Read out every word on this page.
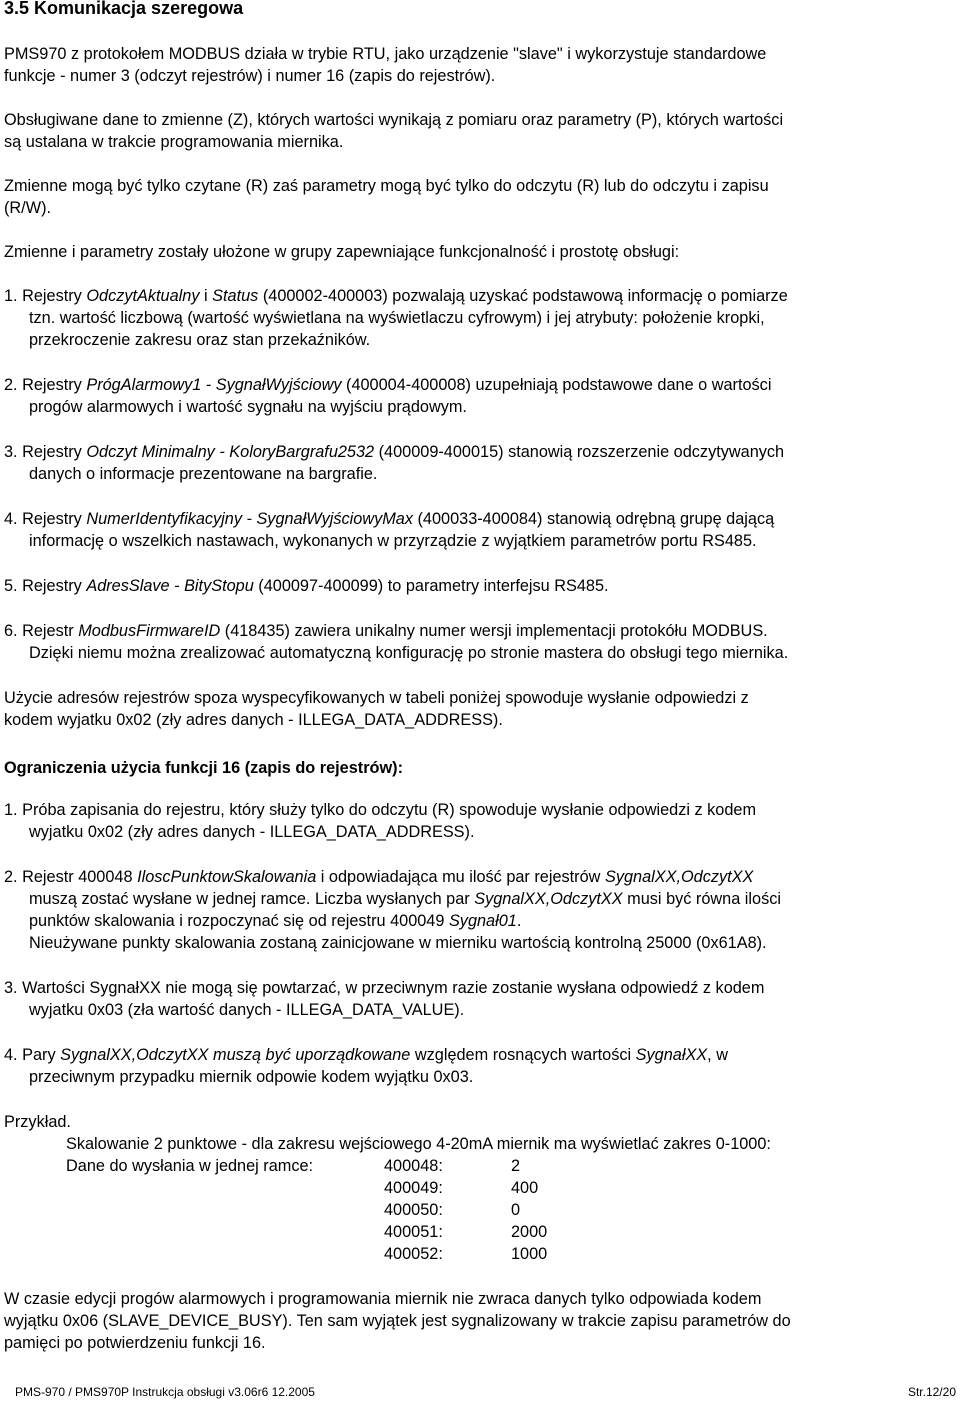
3.5 Komunikacja szeregowa
PMS970 z protokołem MODBUS działa w trybie RTU, jako urządzenie "slave" i wykorzystuje standardowe
funkcje - numer 3 (odczyt rejestrów) i numer 16 (zapis do rejestrów).
Obsługiwane dane to zmienne (Z), których wartości wynikają z pomiaru oraz parametry (P), których wartości
są ustalana w trakcie programowania miernika.
Zmienne mogą być tylko czytane (R) zaś parametry mogą być tylko do odczytu (R) lub do odczytu i zapisu
(R/W).
Zmienne i parametry zostały ułożone w grupy zapewniające funkcjonalność i prostotę obsługi:
1. Rejestry OdczytAktualny i Status (400002-400003) pozwalają uzyskać podstawową informację o pomiarze
tzn. wartość liczbową (wartość wyświetlana na wyświetlaczu cyfrowym) i jej atrybuty: położenie kropki,
przekroczenie zakresu oraz stan przekaźników.
2. Rejestry PrógAlarmowy1 - SygnałWyjściowy (400004-400008) uzupełniają podstawowe dane o wartości
progów alarmowych i wartość sygnału na wyjściu prądowym.
3. Rejestry Odczyt Minimalny - KoloryBargrafu2532 (400009-400015) stanowią rozszerzenie odczytywanych
danych o informacje prezentowane na bargrafie.
4. Rejestry NumerIdentyfikacyjny - SygnałWyjściowyMax (400033-400084) stanowią odrębną grupę dającą
informację o wszelkich nastawach, wykonanych w przyrządzie z wyjątkiem parametrów portu RS485.
5. Rejestry AdresSlave - BityStopu (400097-400099) to parametry interfejsu RS485.
6. Rejestr ModbusFirmwareID (418435) zawiera unikalny numer wersji implementacji protokółu MODBUS.
Dzięki niemu można zrealizować automatyczną konfigurację po stronie mastera do obsługi tego miernika.
Użycie adresów rejestrów spoza wyspecyfikowanych w tabeli poniżej spowoduje wysłanie odpowiedzi z
kodem wyjatku 0x02 (zły adres danych - ILLEGA_DATA_ADDRESS).
Ograniczenia użycia funkcji 16 (zapis do rejestrów):
1. Próba zapisania do rejestru, który służy tylko do odczytu (R) spowoduje wysłanie odpowiedzi z kodem
wyjatku 0x02 (zły adres danych - ILLEGA_DATA_ADDRESS).
2. Rejestr 400048 IloscPunktowSkalowania i odpowiadająca mu ilość par rejestrów SygnalXX,OdczytXX
muszą zostać wysłane w jednej ramce. Liczba wysłanych par SygnalXX,OdczytXX musi być równa ilości
punktów skalowania i rozpoczynać się od rejestru 400049 Sygnał01.
Nieużywane punkty skalowania zostaną zainicjowane w mierniku wartością kontrolną 25000 (0x61A8).
3. Wartości SygnałXX nie mogą się powtarzać, w przeciwnym razie zostanie wysłana odpowiedź z kodem
wyjatku 0x03 (zła wartość danych - ILLEGA_DATA_VALUE).
4. Pary SygnalXX,OdczytXX muszą być uporządkowane względem rosnących wartości SygnałXX, w
przeciwnym przypadku miernik odpowie kodem wyjątku 0x03.
Przykład.
Skalowanie 2 punktowe - dla zakresu wejściowego 4-20mA miernik ma wyświetlać zakres 0-1000:
Dane do wysłania w jednej ramce:	400048:	2
400049:	400
400050:	0
400051:	2000
400052:	1000
W czasie edycji progów alarmowych i programowania miernik nie zwraca danych tylko odpowiada kodem
wyjątku 0x06 (SLAVE_DEVICE_BUSY). Ten sam wyjątek jest sygnalizowany w trakcie zapisu parametrów do
pamięci po potwierdzeniu funkcji 16.
PMS-970 / PMS970P Instrukcja obsługi v3.06r6 12.2005	Str.12/20
